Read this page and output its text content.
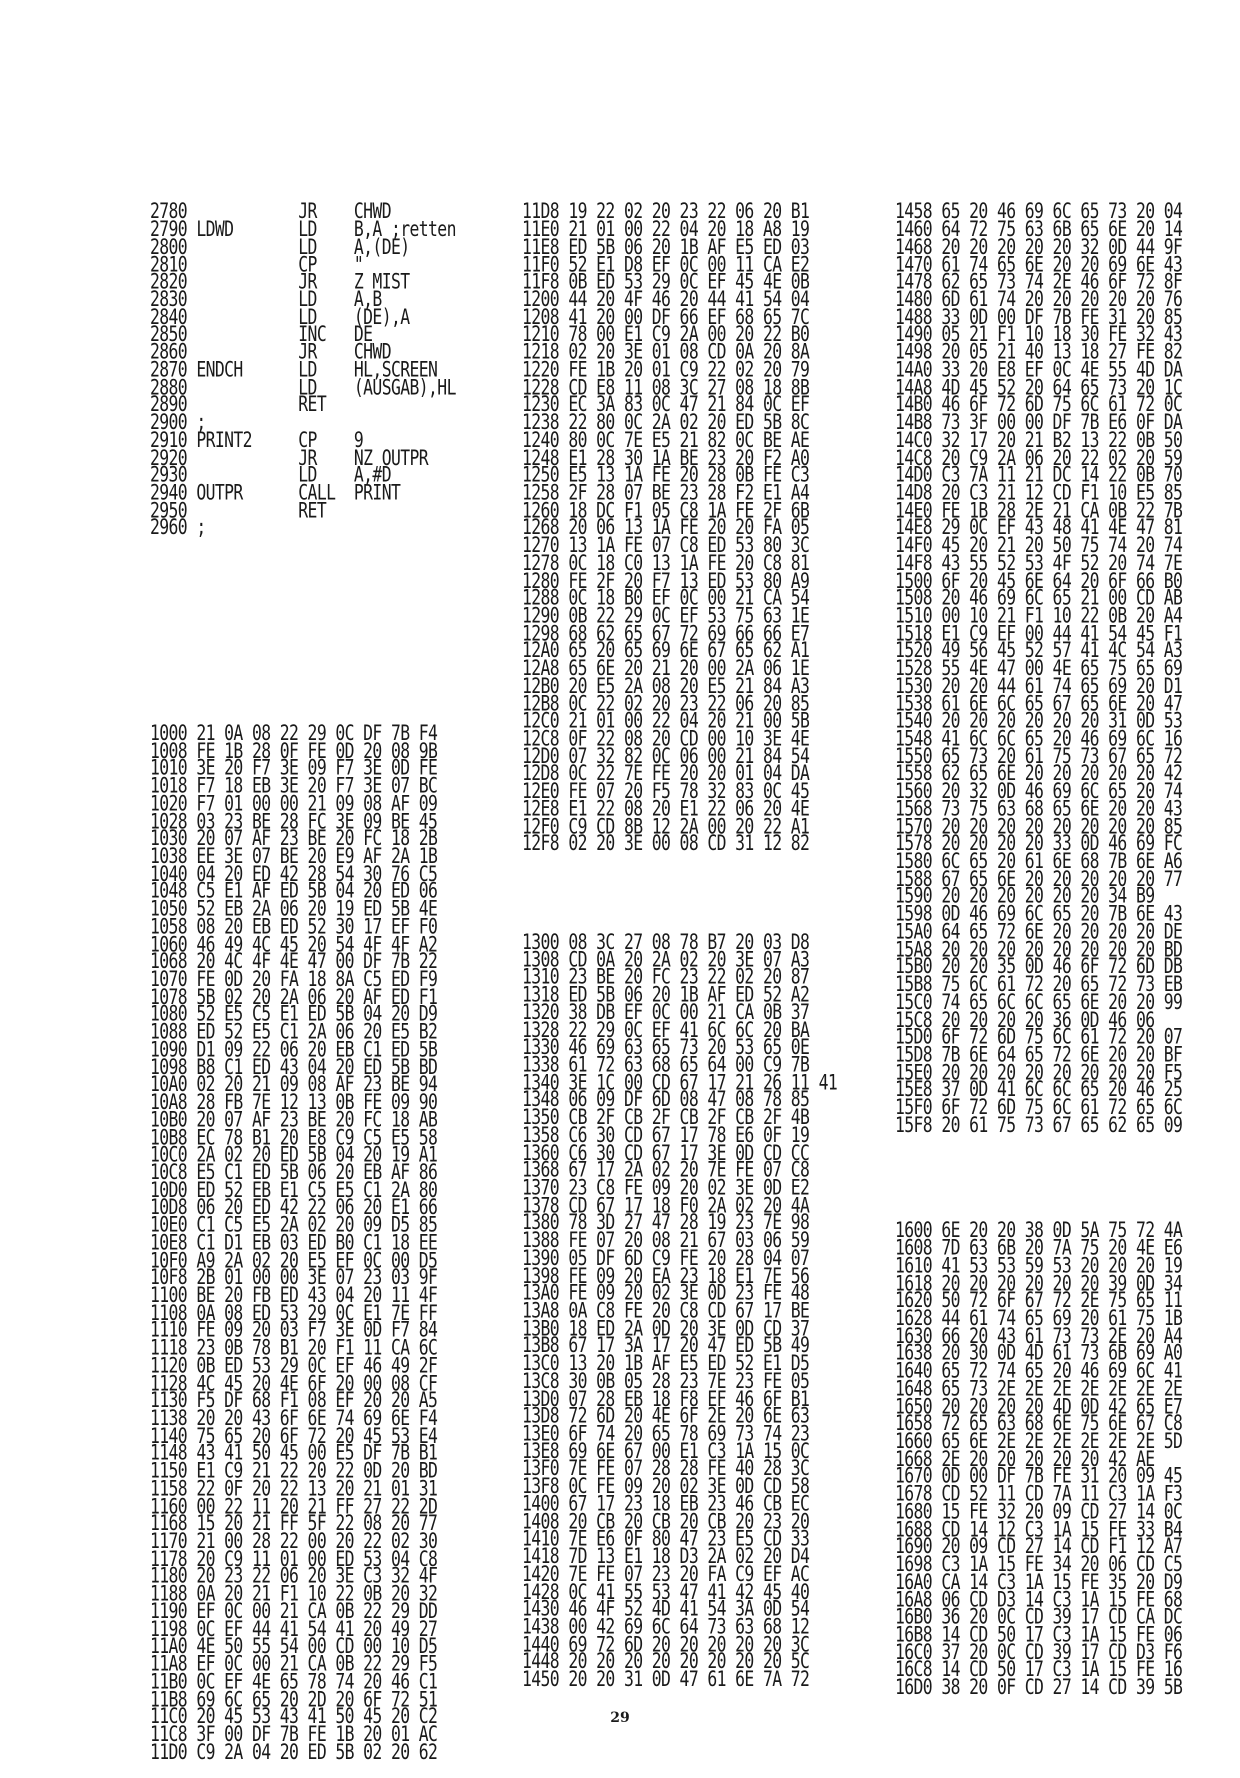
2780            JR    CHWD
2790 LDWD       LD    B,A ;retten
2800            LD    A,(DE)
2810            CP    "
2820            JR    Z MIST
2830            LD    A,B
2840            LD    (DE),A
2850            INC   DE
2860            JR    CHWD
2870 ENDCH      LD    HL,SCREEN
2880            LD    (AUSGAB),HL
2890            RET
2900 ;
2910 PRINT2     CP    9
2920            JR    NZ OUTPR
2930            LD    A,#D
2940 OUTPR      CALL  PRINT
2950            RET
2960 ;

1000 21 0A 08 22 29 0C DF 7B F4
1008 FE 1B 28 0F FE 0D 20 08 9B
1010 3E 20 F7 3E 09 F7 3E 0D FE
1018 F7 18 EB 3E 20 F7 3E 07 BC
1020 F7 01 00 00 21 09 08 AF 09
1028 03 23 BE 28 FC 3E 09 BE 45
1030 20 07 AF 23 BE 20 FC 18 2B
1038 EE 3E 07 BE 20 E9 AF 2A 1B
1040 04 20 ED 42 28 54 30 76 C5
1048 C5 E1 AF ED 5B 04 20 ED 06
1050 52 EB 2A 06 20 19 ED 5B 4E
1058 08 20 EB ED 52 30 17 EF F0
1060 46 49 4C 45 20 54 4F 4F A2
1068 20 4C 4F 4E 47 00 DF 7B 22
1070 FE 0D 20 FA 18 8A C5 ED F9
1078 5B 02 20 2A 06 20 AF ED F1
1080 52 E5 C5 E1 ED 5B 04 20 D9
1088 ED 52 E5 C1 2A 06 20 E5 B2
1090 D1 09 22 06 20 EB C1 ED 5B
1098 B8 C1 ED 43 04 20 ED 5B BD
10A0 02 20 21 09 08 AF 23 BE 94
10A8 28 FB 7E 12 13 0B FE 09 90
10B0 20 07 AF 23 BE 20 FC 18 AB
10B8 EC 78 B1 20 E8 C9 C5 E5 58
10C0 2A 02 20 ED 5B 04 20 19 A1
10C8 E5 C1 ED 5B 06 20 EB AF 86
10D0 ED 52 EB E1 C5 E5 C1 2A 80
10D8 06 20 ED 42 22 06 20 E1 66
10E0 C1 C5 E5 2A 02 20 09 D5 85
10E8 C1 D1 EB 03 ED B0 C1 18 EE
10F0 A9 2A 02 20 E5 EF 0C 00 D5
10F8 2B 01 00 00 3E 07 23 03 9F
1100 BE 20 FB ED 43 04 20 11 4F
1108 0A 08 ED 53 29 0C E1 7E FF
1110 FE 09 20 03 F7 3E 0D F7 84
1118 23 0B 78 B1 20 F1 11 CA 6C
1120 0B ED 53 29 0C EF 46 49 2F
1128 4C 45 20 4E 6F 20 00 08 CF
1130 F5 DF 68 F1 08 EF 20 20 A5
1138 20 20 43 6F 6E 74 69 6E F4
1140 75 65 20 6F 72 20 45 53 E4
1148 43 41 50 45 00 E5 DF 7B B1
1150 E1 C9 21 22 20 22 0D 20 BD
1158 22 0F 20 22 13 20 21 01 31
1160 00 22 11 20 21 FF 27 22 2D
1168 15 20 21 FF 5F 22 08 20 77
1170 21 00 28 22 00 20 22 02 30
1178 20 C9 11 01 00 ED 53 04 C8
1180 20 23 22 06 20 3E C3 32 4F
1188 0A 20 21 F1 10 22 0B 20 32
1190 EF 0C 00 21 CA 0B 22 29 DD
1198 0C EF 44 41 54 41 20 49 27
11A0 4E 50 55 54 00 CD 00 10 D5
11A8 EF 0C 00 21 CA 0B 22 29 F5
11B0 0C EF 4E 65 78 74 20 46 C1
11B8 69 6C 65 20 2D 20 6F 72 51
11C0 20 45 53 43 41 50 45 20 C2
11C8 3F 00 DF 7B FE 1B 20 01 AC
11D0 C9 2A 04 20 ED 5B 02 20 62

11D8 19 22 02 20 23 22 06 20 B1
11E0 21 01 00 22 04 20 18 A8 19
11E8 ED 5B 06 20 1B AF E5 ED 03
11F0 52 E1 D8 EF 0C 00 11 CA E2
11F8 0B ED 53 29 0C EF 45 4E 0B
1200 44 20 4F 46 20 44 41 54 04
1208 41 20 00 DF 66 EF 68 65 7C
1210 78 00 E1 C9 2A 00 20 22 B0
1218 02 20 3E 01 08 CD 0A 20 8A
1220 FE 1B 20 01 C9 22 02 20 79
1228 CD E8 11 08 3C 27 08 18 8B
1230 EC 3A 83 0C 47 21 84 0C EF
1238 22 80 0C 2A 02 20 ED 5B 8C
1240 80 0C 7E E5 21 82 0C BE AE
1248 E1 28 30 1A BE 23 20 F2 A0
1250 E5 13 1A FE 20 28 0B FE C3
1258 2F 28 07 BE 23 28 F2 E1 A4
1260 18 DC F1 05 C8 1A FE 2F 6B
1268 20 06 13 1A FE 20 20 FA 05
1270 13 1A FE 07 C8 ED 53 80 3C
1278 0C 18 C0 13 1A FE 20 C8 81
1280 FE 2F 20 F7 13 ED 53 80 A9
1288 0C 18 B0 EF 0C 00 21 CA 54
1290 0B 22 29 0C EF 53 75 63 1E
1298 68 62 65 67 72 69 66 66 E7
12A0 65 20 65 69 6E 67 65 62 A1
12A8 65 6E 20 21 20 00 2A 06 1E
12B0 20 E5 2A 08 20 E5 21 84 A3
12B8 0C 22 02 20 23 22 06 20 85
12C0 21 01 00 22 04 20 21 00 5B
12C8 0F 22 08 20 CD 00 10 3E 4E
12D0 07 32 82 0C 06 00 21 84 54
12D8 0C 22 7E FE 20 20 01 04 DA
12E0 FE 07 20 F5 78 32 83 0C 45
12E8 E1 22 08 20 E1 22 06 20 4E
12F0 C9 CD 8B 12 2A 00 20 22 A1
12F8 02 20 3E 00 08 CD 31 12 82

1300 08 3C 27 08 78 B7 20 03 D8
1308 CD 0A 20 2A 02 20 3E 07 A3
1310 23 BE 20 FC 23 22 02 20 87
1318 ED 5B 06 20 1B AF ED 52 A2
1320 38 DB EF 0C 00 21 CA 0B 37
1328 22 29 0C EF 41 6C 6C 20 BA
1330 46 69 63 65 73 20 53 65 0E
1338 61 72 63 68 65 64 00 C9 7B
1340 3E 1C 00 CD 67 17 21 26 11 41
1348 06 09 DF 6D 08 47 08 78 85
1350 CB 2F CB 2F CB 2F CB 2F 4B
1358 C6 30 CD 67 17 78 E6 0F 19
1360 C6 30 CD 67 17 3E 0D CD CC
1368 67 17 2A 02 20 7E FE 07 C8
1370 23 C8 FE 09 20 02 3E 0D E2
1378 CD 67 17 18 F0 2A 02 20 4A
1380 78 3D 27 47 28 19 23 7E 98
1388 FE 07 20 08 21 67 03 06 59
1390 05 DF 6D C9 FE 20 28 04 07
1398 FE 09 20 EA 23 18 E1 7E 56
13A0 FE 09 20 02 3E 0D 23 FE 48
13A8 0A C8 FE 20 C8 CD 67 17 BE
13B0 18 ED 2A 0D 20 3E 0D CD 37
13B8 67 17 3A 17 20 47 ED 5B 49
13C0 13 20 1B AF E5 ED 52 E1 D5
13C8 30 0B 05 28 23 7E 23 FE 05
13D0 07 28 EB 18 F8 EF 46 6F B1
13D8 72 6D 20 4E 6F 2E 20 6E 63
13E0 6F 74 20 65 78 69 73 74 23
13E8 69 6E 67 00 E1 C3 1A 15 0C
13F0 7E FE 07 28 28 FE 40 28 3C
13F8 0C FE 09 20 02 3E 0D CD 58
1400 67 17 23 18 EB 23 46 CB EC
1408 20 CB 20 CB 20 CB 20 23 20
1410 7E E6 0F 80 47 23 E5 CD 33
1418 7D 13 E1 18 D3 2A 02 20 D4
1420 7E FE 07 23 20 FA C9 EF AC
1428 0C 41 55 53 47 41 42 45 40
1430 46 4F 52 4D 41 54 3A 0D 54
1438 00 42 69 6C 64 73 63 68 12
1440 69 72 6D 20 20 20 20 20 3C
1448 20 20 20 20 20 20 20 20 5C
1450 20 20 31 0D 47 61 6E 7A 72

1458 65 20 46 69 6C 65 73 20 04
1460 64 72 75 63 6B 65 6E 20 14
1468 20 20 20 20 20 32 0D 44 9F
1470 61 74 65 6E 20 20 69 6E 43
1478 62 65 73 74 2E 46 6F 72 8F
1480 6D 61 74 20 20 20 20 20 76
1488 33 0D 00 DF 7B FE 31 20 85
1490 05 21 F1 10 18 30 FE 32 43
1498 20 05 21 40 13 18 27 FE 82
14A0 33 20 E8 EF 0C 4E 55 4D DA
14A8 4D 45 52 20 64 65 73 20 1C
14B0 46 6F 72 6D 75 6C 61 72 0C
14B8 73 3F 00 00 DF 7B E6 0F DA
14C0 32 17 20 21 B2 13 22 0B 50
14C8 20 C9 2A 06 20 22 02 20 59
14D0 C3 7A 11 21 DC 14 22 0B 70
14D8 20 C3 21 12 CD F1 10 E5 85
14E0 FE 1B 28 2E 21 CA 0B 22 7B
14E8 29 0C EF 43 48 41 4E 47 81
14F0 45 20 21 20 50 75 74 20 74
14F8 43 55 52 53 4F 52 20 74 7E
1500 6F 20 45 6E 64 20 6F 66 B0
1508 20 46 69 6C 65 21 00 CD AB
1510 00 10 21 F1 10 22 0B 20 A4
1518 E1 C9 EF 00 44 41 54 45 F1
1520 49 56 45 52 57 41 4C 54 A3
1528 55 4E 47 00 4E 65 75 65 69
1530 20 20 44 61 74 65 69 20 D1
1538 61 6E 6C 65 67 65 6E 20 47
1540 20 20 20 20 20 20 31 0D 53
1548 41 6C 6C 65 20 46 69 6C 16
1550 65 73 20 61 75 73 67 65 72
1558 62 65 6E 20 20 20 20 20 42
1560 20 32 0D 46 69 6C 65 20 74
1568 73 75 63 68 65 6E 20 20 43
1570 20 20 20 20 20 20 20 20 85
1578 20 20 20 20 33 0D 46 69 FC
1580 6C 65 20 61 6E 68 7B 6E A6
1588 67 65 6E 20 20 20 20 20 77
1590 20 20 20 20 20 20 34 B9
1598 0D 46 69 6C 65 20 7B 6E 43
15A0 64 65 72 6E 20 20 20 20 DE
15A8 20 20 20 20 20 20 20 20 BD
15B0 20 20 35 0D 46 6F 72 6D DB
15B8 75 6C 61 72 20 65 72 73 EB
15C0 74 65 6C 6C 65 6E 20 20 99
15C8 20 20 20 20 36 0D 46 06
15D0 6F 72 6D 75 6C 61 72 20 07
15D8 7B 6E 64 65 72 6E 20 20 BF
15E0 20 20 20 20 20 20 20 20 F5
15E8 37 0D 41 6C 6C 65 20 46 25
15F0 6F 72 6D 75 6C 61 72 65 6C
15F8 20 61 75 73 67 65 62 65 09

1600 6E 20 20 38 0D 5A 75 72 4A
1608 7D 63 6B 20 7A 75 20 4E E6
1610 41 53 53 59 53 20 20 20 19
1618 20 20 20 20 20 20 39 0D 34
1620 50 72 6F 67 72 2E 75 65 11
1628 44 61 74 65 69 20 61 75 1B
1630 66 20 43 61 73 73 2E 20 A4
1638 20 30 0D 4D 61 73 6B 69 A0
1640 65 72 74 65 20 46 69 6C 41
1648 65 73 2E 2E 2E 2E 2E 2E 2E
1650 20 20 20 20 4D 0D 42 65 E7
1658 72 65 63 68 6E 75 6E 67 C8
1660 65 6E 2E 2E 2E 2E 2E 2E 5D
1668 2E 20 20 20 20 20 42 AE
1670 0D 00 DF 7B FE 31 20 09 45
1678 CD 52 11 CD 7A 11 C3 1A F3
1680 15 FE 32 20 09 CD 27 14 0C
1688 CD 14 12 C3 1A 15 FE 33 B4
1690 20 09 CD 27 14 CD F1 12 A7
1698 C3 1A 15 FE 34 20 06 CD C5
16A0 CA 14 C3 1A 15 FE 35 20 D9
16A8 06 CD D3 14 C3 1A 15 FE 68
16B0 36 20 0C CD 39 17 CD CA DC
16B8 14 CD 50 17 C3 1A 15 FE 06
16C0 37 20 0C CD 39 17 CD D3 F6
16C8 14 CD 50 17 C3 1A 15 FE 16
16D0 38 20 0F CD 27 14 CD 39 5B

29
